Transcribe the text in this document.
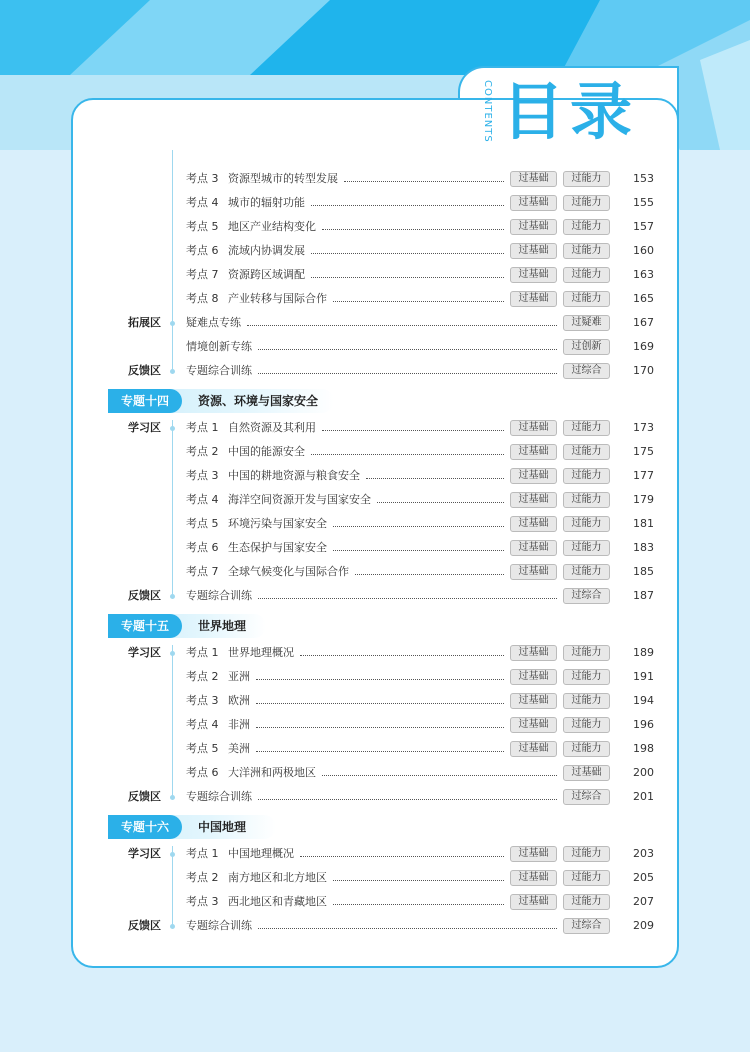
CONTENTS 目录
考点 3 资源型城市的转型发展	过基础	过能力	153
考点 4 城市的辐射功能	过基础	过能力	155
考点 5 地区产业结构变化	过基础	过能力	157
考点 6 流域内协调发展	过基础	过能力	160
考点 7 资源跨区域调配	过基础	过能力	163
考点 8 产业转移与国际合作	过基础	过能力	165
拓展区 疑难点专练	过疑难	167
情境创新专练	过创新	169
反馈区 专题综合训练	过综合	170
学习区 考点 1 自然资源及其利用	过基础	过能力	173
考点 2 中国的能源安全	过基础	过能力	175
考点 3 中国的耕地资源与粮食安全	过基础	过能力	177
考点 4 海洋空间资源开发与国家安全	过基础	过能力	179
考点 5 环境污染与国家安全	过基础	过能力	181
考点 6 生态保护与国家安全	过基础	过能力	183
考点 7 全球气候变化与国际合作	过基础	过能力	185
反馈区 专题综合训练	过综合	187
学习区 考点 1 世界地理概况	过基础	过能力	189
考点 2 亚洲	过基础	过能力	191
考点 3 欧洲	过基础	过能力	194
考点 4 非洲	过基础	过能力	196
考点 5 美洲	过基础	过能力	198
考点 6 大洋洲和两极地区	过基础	200
反馈区 专题综合训练	过综合	201
学习区 考点 1 中国地理概况	过基础	过能力	203
考点 2 南方地区和北方地区	过基础	过能力	205
考点 3 西北地区和青藏地区	过基础	过能力	207
反馈区 专题综合训练	过综合	209
专题十四	资源、环境与国家安全
专题十五	世界地理
专题十六	中国地理
